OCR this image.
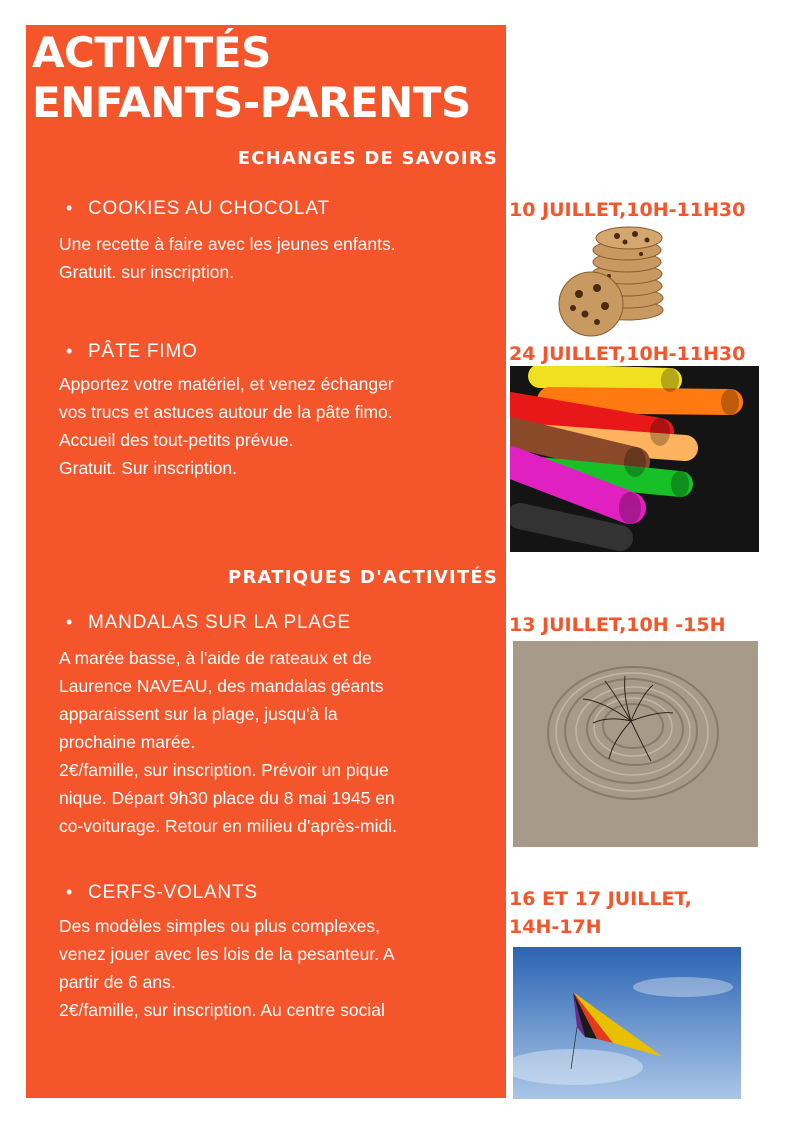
ACTIVITÉS
ENFANTS-PARENTS
ECHANGES DE SAVOIRS
• COOKIES AU CHOCOLAT
Une recette à faire avec les jeunes enfants.
Gratuit. sur inscription.
10 JUILLET,10H-11H30
• PÂTE FIMO
Apportez votre matériel, et venez échanger
vos trucs et astuces autour de la pâte fimo.
Accueil des tout-petits prévue.
Gratuit. Sur inscription.
24 JUILLET,10H-11H30
PRATIQUES D'ACTIVITÉS
• MANDALAS SUR LA PLAGE
A marée basse, à l'aide de rateaux et de
Laurence NAVEAU, des mandalas géants
apparaissent sur la plage, jusqu'à la
prochaine marée.
2€/famille, sur inscription. Prévoir un pique
nique. Départ 9h30 place du 8 mai 1945 en
co-voiturage. Retour en milieu d'après-midi.
13 JUILLET,10H -15H
• CERFS-VOLANTS
Des modèles simples ou plus complexes,
venez jouer avec les lois de la pesanteur. A
partir de 6 ans.
2€/famille, sur inscription. Au centre social
16 ET 17 JUILLET,
14H-17H
